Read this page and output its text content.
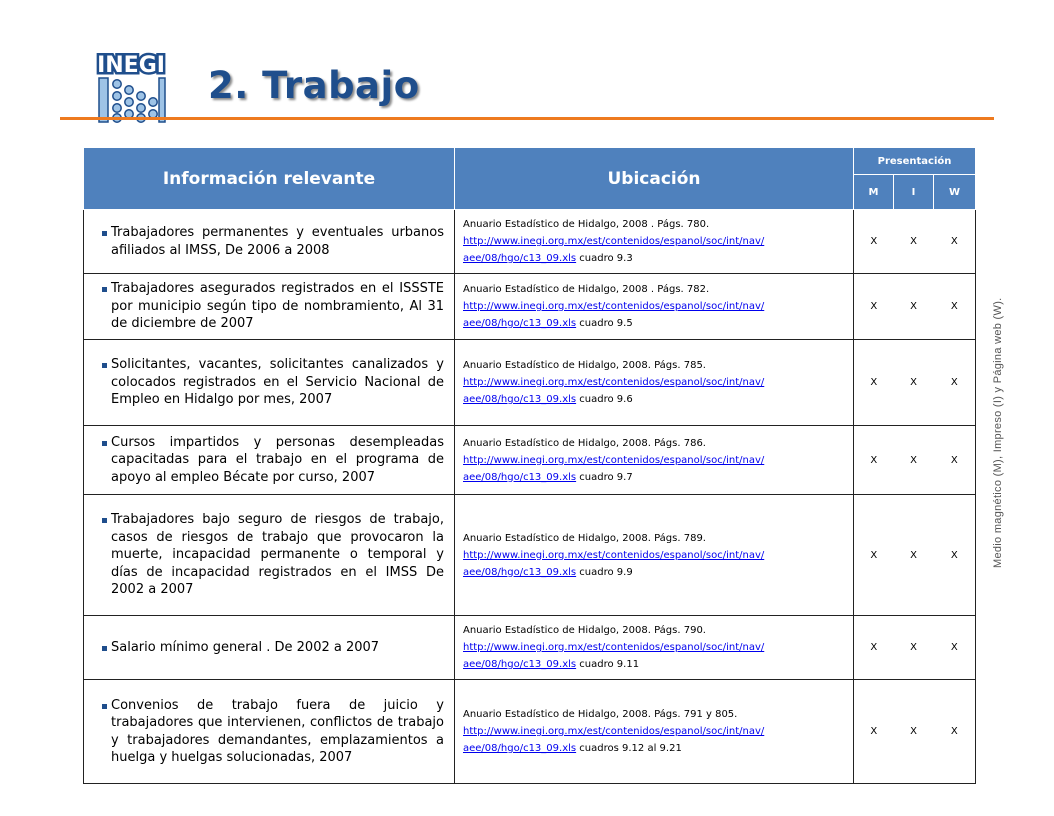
INEGI 2. Trabajo
Información relevante	Ubicación	Presentación		
		M	I	W

Trabajadores permanentes y eventuales urbanos afiliados al IMSS, De 2006 a 2008	Anuario Estadístico de Hidalgo, 2008 . Págs. 780.
http://www.inegi.org.mx/est/contenidos/espanol/soc/int/nav/
aee/08/hgo/c13_09.xls cuadro 9.3	X	X	X

Trabajadores asegurados registrados en el ISSSTE por municipio según tipo de nombramiento, Al 31 de diciembre de 2007	Anuario Estadístico de Hidalgo, 2008 . Págs. 782.
http://www.inegi.org.mx/est/contenidos/espanol/soc/int/nav/
aee/08/hgo/c13_09.xls cuadro 9.5	X	X	X

Solicitantes, vacantes, solicitantes canalizados y colocados registrados en el Servicio Nacional de Empleo en Hidalgo por mes, 2007	Anuario Estadístico de Hidalgo, 2008. Págs. 785.
http://www.inegi.org.mx/est/contenidos/espanol/soc/int/nav/
aee/08/hgo/c13_09.xls cuadro 9.6	X	X	X

Cursos impartidos y personas desempleadas capacitadas para el trabajo en el programa de apoyo al empleo Bécate por curso, 2007	Anuario Estadístico de Hidalgo, 2008. Págs. 786.
http://www.inegi.org.mx/est/contenidos/espanol/soc/int/nav/
aee/08/hgo/c13_09.xls cuadro 9.7	X	X	X

Trabajadores bajo seguro de riesgos de trabajo, casos de riesgos de trabajo que provocaron la muerte, incapacidad permanente o temporal y días de incapacidad registrados en el IMSS De 2002 a 2007	Anuario Estadístico de Hidalgo, 2008. Págs. 789.
http://www.inegi.org.mx/est/contenidos/espanol/soc/int/nav/
aee/08/hgo/c13_09.xls cuadro 9.9	X	X	X

Salario mínimo general . De 2002 a 2007	Anuario Estadístico de Hidalgo, 2008. Págs. 790.
http://www.inegi.org.mx/est/contenidos/espanol/soc/int/nav/
aee/08/hgo/c13_09.xls cuadro 9.11	X	X	X

Convenios de trabajo fuera de juicio y trabajadores que intervienen, conflictos de trabajo y trabajadores demandantes, emplazamientos a huelga y huelgas solucionadas, 2007	Anuario Estadístico de Hidalgo, 2008. Págs. 791 y 805.
http://www.inegi.org.mx/est/contenidos/espanol/soc/int/nav/
aee/08/hgo/c13_09.xls cuadros 9.12 al 9.21	X	X	X
Medio magnético (M), Impreso (I) y Página web (W).
